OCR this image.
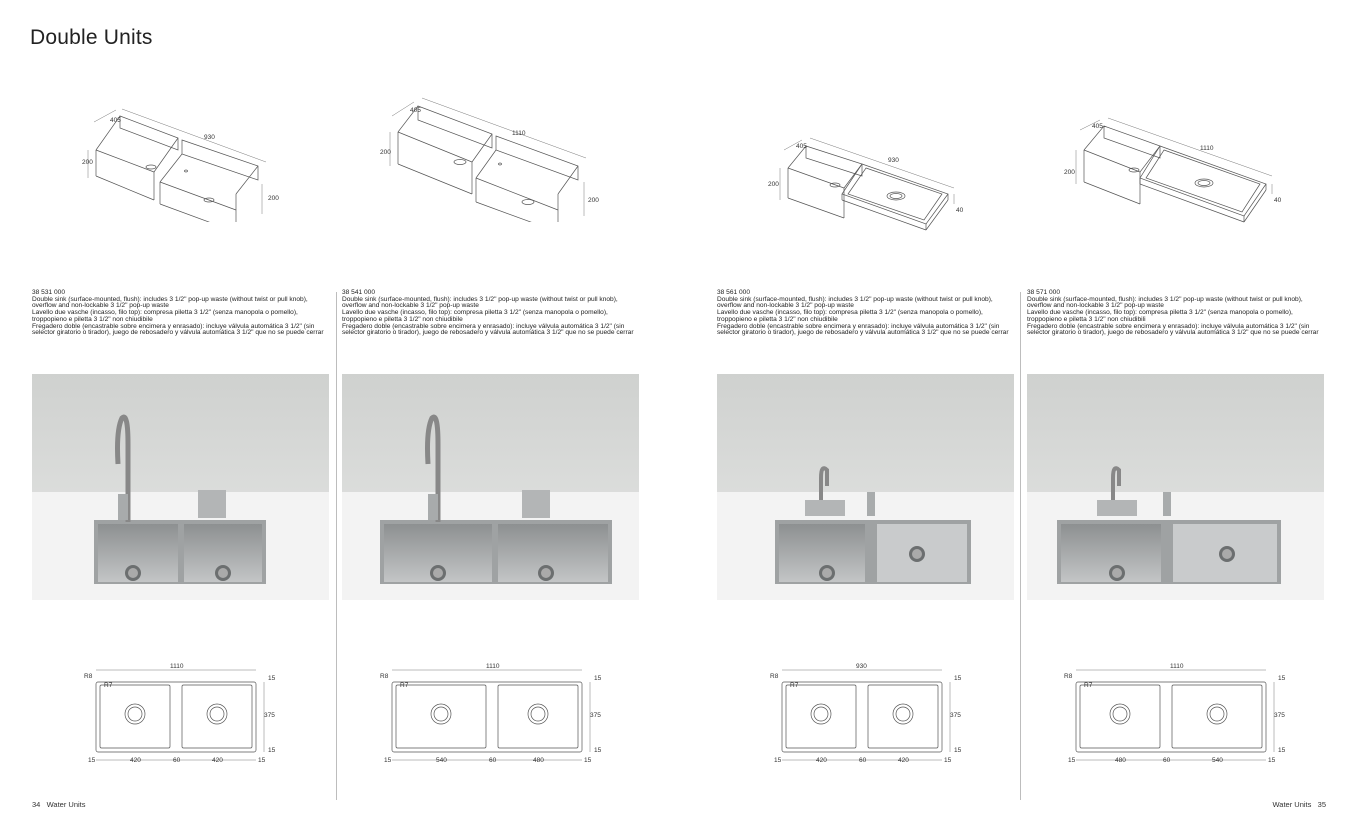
Double Units
405
930
200
200
38 531 000
Double sink (surface-mounted, flush): includes 3 1/2" pop-up waste (without twist or pull knob),
overflow and non-lockable 3 1/2" pop-up waste
Lavello due vasche (incasso, filo top): compresa piletta 3 1/2" (senza manopola o pomello),
troppopieno e piletta 3 1/2" non chiudibile
Fregadero doble (encastrable sobre encimera y enrasado): incluye válvula automática 3 1/2" (sin
selector giratorio o tirador), juego de rebosadero y válvula automática 3 1/2" que no se puede cerrar
1110
R8
R7
15
375
15
15	420	60	420	15
405
1110
200
200
38 541 000
Double sink (surface-mounted, flush): includes 3 1/2" pop-up waste (without twist or pull knob),
overflow and non-lockable 3 1/2" pop-up waste
Lavello due vasche (incasso, filo top): compresa piletta 3 1/2" (senza manopola o pomello),
troppopieno e piletta 3 1/2" non chiudibile
Fregadero doble (encastrable sobre encimera y enrasado): incluye válvula automática 3 1/2" (sin
selector giratorio o tirador), juego de rebosadero y válvula automática 3 1/2" que no se puede cerrar
1110
R8
R7
15
375
15
15	540	60	480	15
405
930
200
40
38 561 000
Double sink (surface-mounted, flush): includes 3 1/2" pop-up waste (without twist or pull knob),
overflow and non-lockable 3 1/2" pop-up waste
Lavello due vasche (incasso, filo top): compresa piletta 3 1/2" (senza manopola o pomello),
troppopieno e piletta 3 1/2" non chiudibile
Fregadero doble (encastrable sobre encimera y enrasado): incluye válvula automática 3 1/2" (sin
selector giratorio o tirador), juego de rebosadero y válvula automática 3 1/2" que no se puede cerrar
930
R8
R7
15
375
15
15	420	60	420	15
405
1110
200
40
38 571 000
Double sink (surface-mounted, flush): includes 3 1/2" pop-up waste (without twist or pull knob),
overflow and non-lockable 3 1/2" pop-up waste
Lavello due vasche (incasso, filo top): compresa piletta 3 1/2" (senza manopola o pomello),
troppopieno e piletta 3 1/2" non chiudibili
Fregadero doble (encastrable sobre encimera y enrasado): incluye válvula automática 3 1/2" (sin
selector giratorio o tirador), juego de rebosadero y válvula automática 3 1/2" que no se puede cerrar
1110
R8
R7
15
375
15
15	480	60	540	15
34 Water Units	Water Units 35
